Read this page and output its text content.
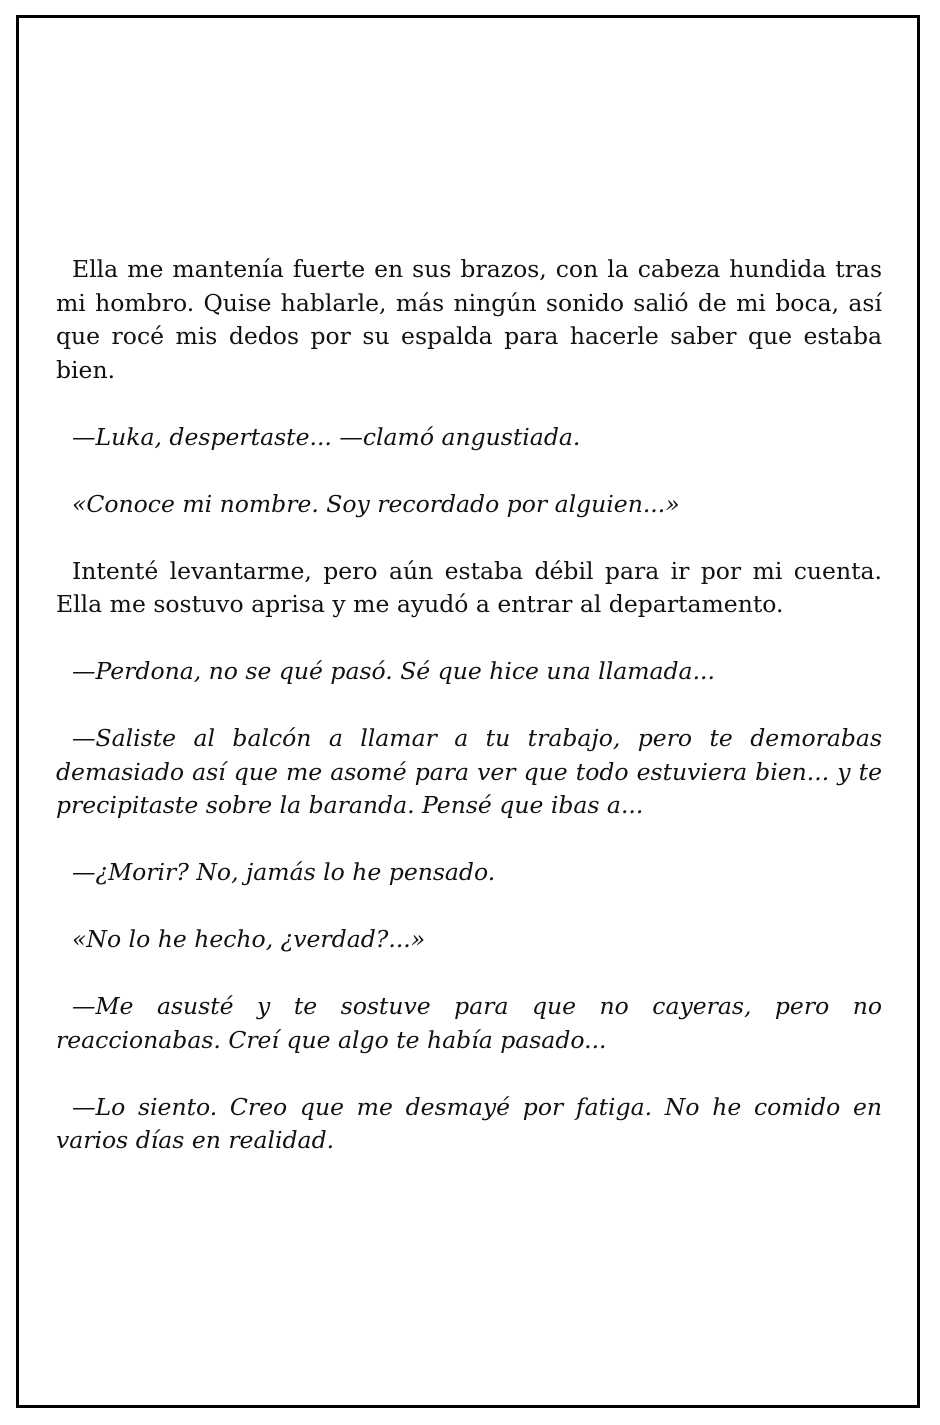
Ella me mantenía fuerte en sus brazos, con la cabeza hundida tras mi hombro. Quise hablarle, más ningún sonido salió de mi boca, así que rocé mis dedos por su espalda para hacerle saber que estaba bien.

—Luka, despertaste... —clamó angustiada.

«Conoce mi nombre. Soy recordado por alguien...»

Intenté levantarme, pero aún estaba débil para ir por mi cuenta. Ella me sostuvo aprisa y me ayudó a entrar al departamento.

—Perdona, no se qué pasó. Sé que hice una llamada...

—Saliste al balcón a llamar a tu trabajo, pero te demorabas demasiado así que me asomé para ver que todo estuviera bien... y te precipitaste sobre la baranda. Pensé que ibas a...

—¿Morir? No, jamás lo he pensado.

«No lo he hecho, ¿verdad?...»

—Me asusté y te sostuve para que no cayeras, pero no reaccionabas. Creí que algo te había pasado...

—Lo siento. Creo que me desmayé por fatiga. No he comido en varios días en realidad.
